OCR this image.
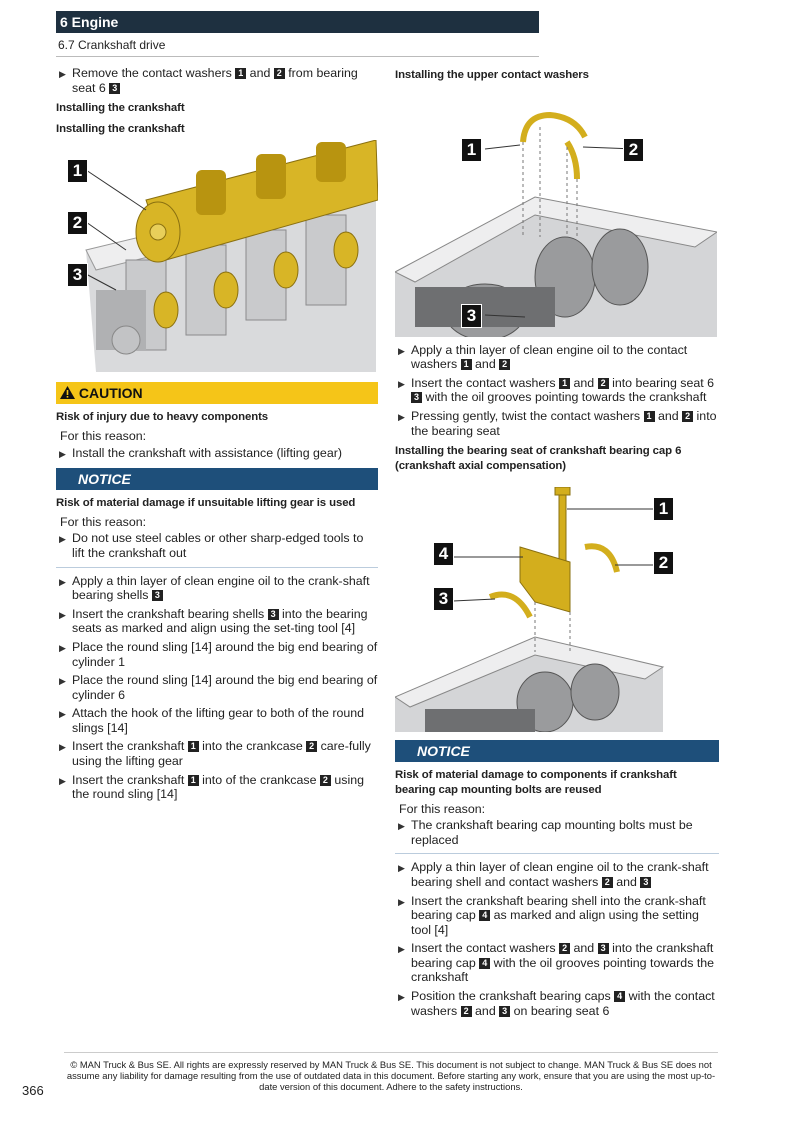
6 Engine
6.7 Crankshaft drive
▶ Remove the contact washers 1 and 2 from bearing seat 6 3
Installing the crankshaft
Installing the crankshaft
1
2
3
CAUTION
Risk of injury due to heavy components
For this reason:
▶ Install the crankshaft with assistance (lifting gear)
NOTICE
Risk of material damage if unsuitable lifting gear is used
For this reason:
▶ Do not use steel cables or other sharp-edged tools to lift the crankshaft out
▶ Apply a thin layer of clean engine oil to the crank-shaft bearing shells 3
▶ Insert the crankshaft bearing shells 3 into the bearing seats as marked and align using the set-ting tool [4]
▶ Place the round sling [14] around the big end bearing of cylinder 1
▶ Place the round sling [14] around the big end bearing of cylinder 6
▶ Attach the hook of the lifting gear to both of the round slings [14]
▶ Insert the crankshaft 1 into the crankcase 2 care-fully using the lifting gear
▶ Insert the crankshaft 1 into of the crankcase 2 using the round sling [14]
Installing the upper contact washers
1	2
3
▶ Apply a thin layer of clean engine oil to the contact washers 1 and 2
▶ Insert the contact washers 1 and 2 into bearing seat 6 3 with the oil grooves pointing towards the crankshaft
▶ Pressing gently, twist the contact washers 1 and 2 into the bearing seat
Installing the bearing seat of crankshaft bearing cap 6 (crankshaft axial compensation)
1
2
3
4
NOTICE
Risk of material damage to components if crankshaft bearing cap mounting bolts are reused
For this reason:
▶ The crankshaft bearing cap mounting bolts must be replaced
▶ Apply a thin layer of clean engine oil to the crank-shaft bearing shell and contact washers 2 and 3
▶ Insert the crankshaft bearing shell into the crank-shaft bearing cap 4 as marked and align using the setting tool [4]
▶ Insert the contact washers 2 and 3 into the crankshaft bearing cap 4 with the oil grooves pointing towards the crankshaft
▶ Position the crankshaft bearing caps 4 with the contact washers 2 and 3 on bearing seat 6
© MAN Truck & Bus SE. All rights are expressly reserved by MAN Truck & Bus SE. This document is not subject to change. MAN Truck & Bus SE does not assume any liability for damage resulting from the use of outdated data in this document. Before starting any work, ensure that you are using the most up-to-date version of this document. Adhere to the safety instructions.
366
